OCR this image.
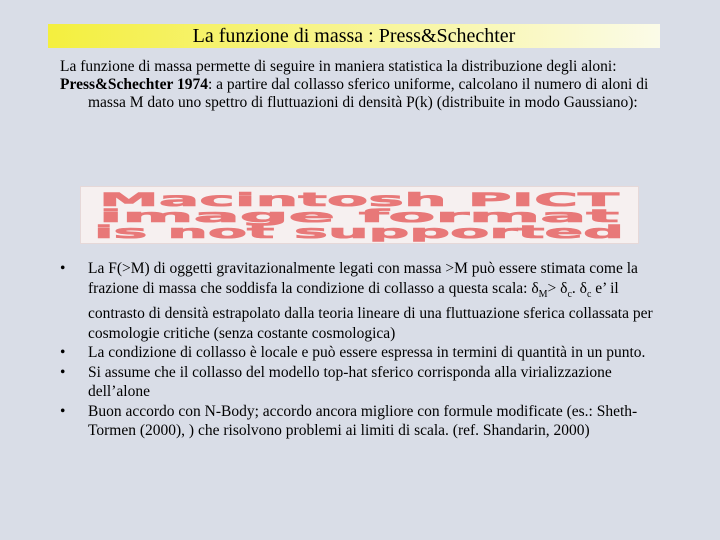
La funzione di massa : Press&Schechter

La funzione di massa permette di seguire in maniera statistica la distribuzione degli aloni:

Press&Schechter 1974: a partire dal collasso sferico uniforme, calcolano il numero di aloni di massa M dato uno spettro di fluttuazioni di densità P(k) (distribuite in modo Gaussiano):

Macintosh PICT
image format
is not supported
• La F(>M) di oggetti gravitazionalmente legati con massa >M può essere stimata come la frazione di massa che soddisfa la condizione di collasso a questa scala: $\delta_M> \delta_c$. $\delta_c$ e’ il contrasto di densità estrapolato dalla teoria lineare di una fluttuazione sferica collassata per cosmologie critiche (senza costante cosmologica)
• La condizione di collasso è locale e può essere espressa in termini di quantità in un punto.
• Si assume che il collasso del modello top-hat sferico corrisponda alla virializzazione dell’alone
• Buon accordo con N-Body; accordo ancora migliore con formule modificate (es.: Sheth-Tormen (2000), ) che risolvono problemi ai limiti di scala. (ref. Shandarin, 2000)
